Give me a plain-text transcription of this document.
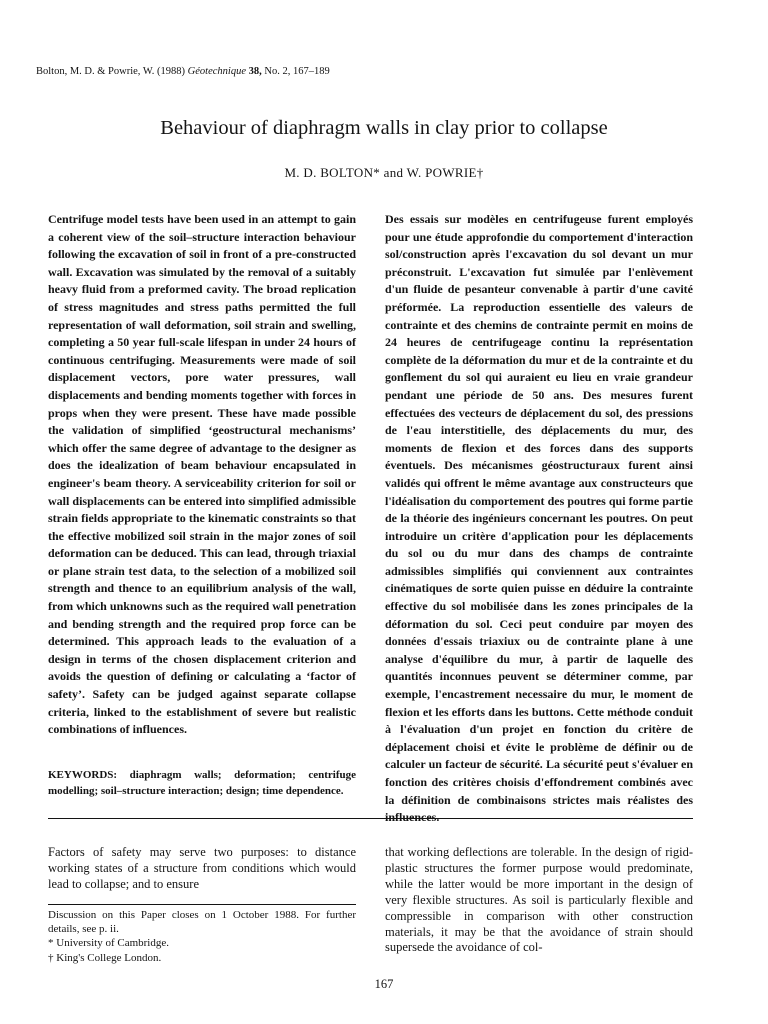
Bolton, M. D. & Powrie, W. (1988) Géotechnique 38, No. 2, 167–189
Behaviour of diaphragm walls in clay prior to collapse
M. D. BOLTON* and W. POWRIE†
Centrifuge model tests have been used in an attempt to gain a coherent view of the soil–structure interaction behaviour following the excavation of soil in front of a pre-constructed wall. Excavation was simulated by the removal of a suitably heavy fluid from a preformed cavity. The broad replication of stress magnitudes and stress paths permitted the full representation of wall deformation, soil strain and swelling, completing a 50 year full-scale lifespan in under 24 hours of continuous centrifuging. Measurements were made of soil displacement vectors, pore water pressures, wall displacements and bending moments together with forces in props when they were present. These have made possible the validation of simplified ‘geostructural mechanisms’ which offer the same degree of advantage to the designer as does the idealization of beam behaviour encapsulated in engineer's beam theory. A serviceability criterion for soil or wall displacements can be entered into simplified admissible strain fields appropriate to the kinematic constraints so that the effective mobilized soil strain in the major zones of soil deformation can be deduced. This can lead, through triaxial or plane strain test data, to the selection of a mobilized soil strength and thence to an equilibrium analysis of the wall, from which unknowns such as the required wall penetration and bending strength and the required prop force can be determined. This approach leads to the evaluation of a design in terms of the chosen displacement criterion and avoids the question of defining or calculating a ‘factor of safety’. Safety can be judged against separate collapse criteria, linked to the establishment of severe but realistic combinations of influences.
KEYWORDS: diaphragm walls; deformation; centrifuge modelling; soil–structure interaction; design; time dependence.
Des essais sur modèles en centrifugeuse furent employés pour une étude approfondie du comportement d'interaction sol/construction après l'excavation du sol devant un mur préconstruit. L'excavation fut simulée par l'enlèvement d'un fluide de pesanteur convenable à partir d'une cavité préformée. La reproduction essentielle des valeurs de contrainte et des chemins de contrainte permit en moins de 24 heures de centrifugeage continu la représentation complète de la déformation du mur et de la contrainte et du gonflement du sol qui auraient eu lieu en vraie grandeur pendant une période de 50 ans. Des mesures furent effectuées des vecteurs de déplacement du sol, des pressions de l'eau interstitielle, des déplacements du mur, des moments de flexion et des forces dans des supports éventuels. Des mécanismes géostructuraux furent ainsi validés qui offrent le même avantage aux constructeurs que l'idéalisation du comportement des poutres qui forme partie de la théorie des ingénieurs concernant les poutres. On peut introduire un critère d'application pour les déplacements du sol ou du mur dans des champs de contrainte admissibles simplifiés qui conviennent aux contraintes cinématiques de sorte quien puisse en déduire la contrainte effective du sol mobilisée dans les zones principales de la déformation du sol. Ceci peut conduire par moyen des données d'essais triaxiux ou de contrainte plane à une analyse d'équilibre du mur, à partir de laquelle des quantités inconnues peuvent se déterminer comme, par exemple, l'encastrement necessaire du mur, le moment de flexion et les efforts dans les buttons. Cette méthode conduit à l'évaluation d'un projet en fonction du critère de déplacement choisi et évite le problème de définir ou de calculer un facteur de sécurité. La sécurité peut s'évaluer en fonction des critères choisis d'effondrement combinés avec la définition de combinaisons strictes mais réalistes des influences.
Factors of safety may serve two purposes: to distance working states of a structure from conditions which would lead to collapse; and to ensure
that working deflections are tolerable. In the design of rigid-plastic structures the former purpose would predominate, while the latter would be more important in the design of very flexible structures. As soil is particularly flexible and compressible in comparison with other construction materials, it may be that the avoidance of strain should supersede the avoidance of col-

Discussion on this Paper closes on 1 October 1988. For further details, see p. ii.

* University of Cambridge.

† King's College London.

167
